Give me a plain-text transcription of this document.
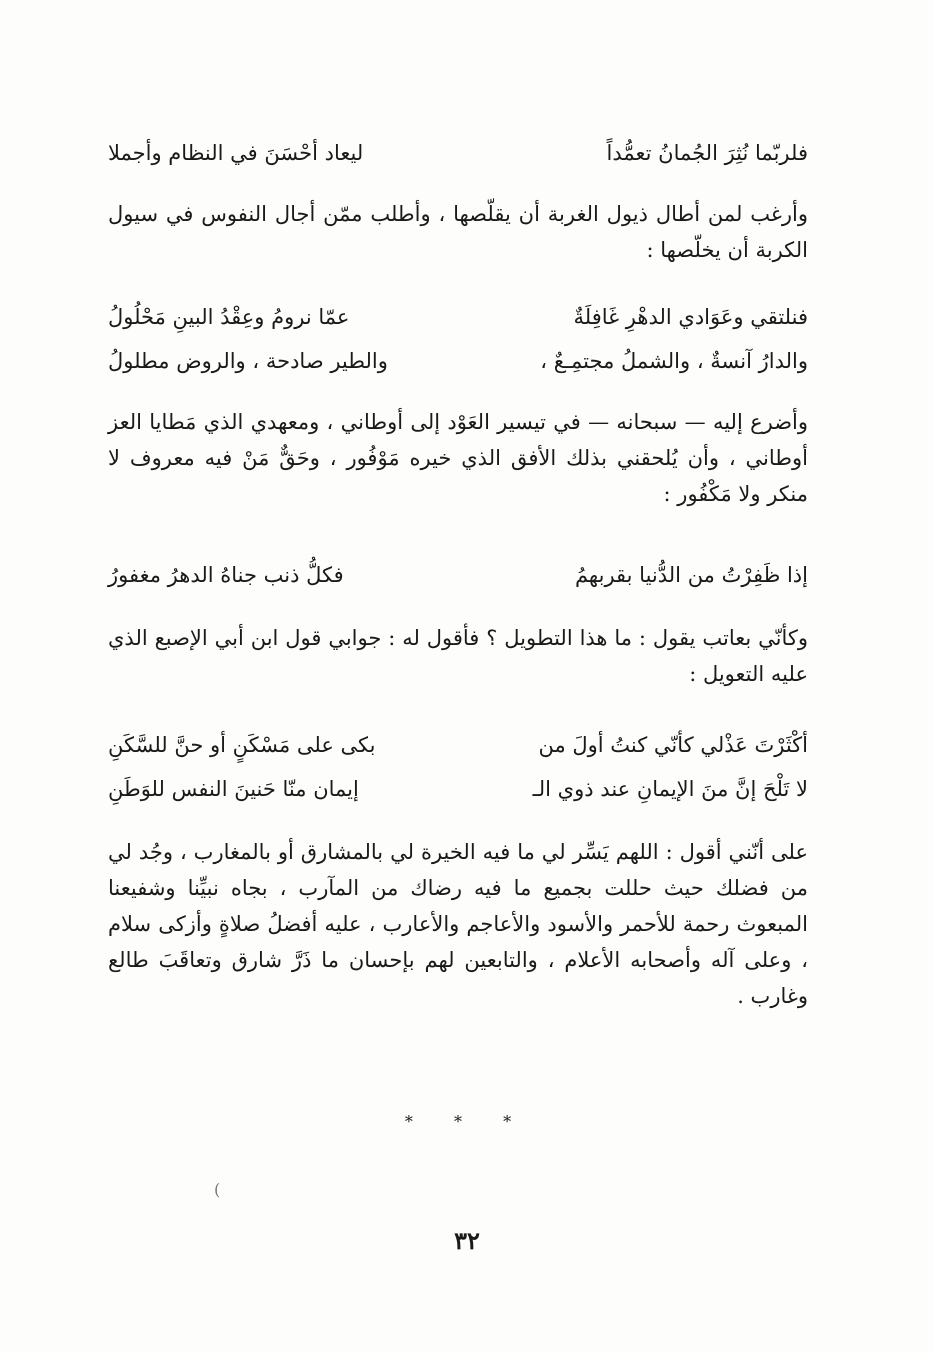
فلربّما نُثِرَ الجُمانُ تعمُّداً
ليعاد أحْسَنَ في النظام وأجملا

وأرغب لمن أطال ذيول الغربة أن يقلّصها ، وأطلب ممّن أجال النفوس في سيول الكربة أن يخلّصها :

فنلتقي وعَوَادي الدهْرِ غَافِلَةٌ
عمّا نرومُ وعِقْدُ البينِ مَحْلُولُ
والدارُ آنسةٌ ، والشملُ مجتمِـعٌ ،
والطير صادحة ، والروض مطلولُ

وأضرع إليه — سبحانه — في تيسير العَوْد إلى أوطاني ، ومعهدي الذي مَطايا العز أوطاني ، وأن يُلحقني بذلك الأفق الذي خيره مَوْفُور ، وحَقٌّ مَنْ فيه معروف لا منكر ولا مَكْفُور :

إذا ظَفِرْتُ من الدُّنيا بقربهمُ
فكلُّ ذنب جناهُ الدهرُ مغفورُ

وكأنّي بعاتب يقول : ما هذا التطويل ؟ فأقول له : جوابي قول ابن أبي الإصبع الذي عليه التعويل :

أكْثَرْتَ عَذْلي كأنّي كنتُ أولَ من
بكى على مَسْكَنٍ أو حنَّ للسَّكَنِ
لا تَلْحَ إنَّ منَ الإيمانِ عند ذوي الـ
إيمان منّا حَنينَ النفس للوَطَنِ

على أنّني أقول : اللهم يَسِّر لي ما فيه الخيرة لي بالمشارق أو بالمغارب ، وجُد لي من فضلك حيث حللت بجميع ما فيه رضاك من المآرب ، بجاه نبيِّنا وشفيعنا المبعوث رحمة للأحمر والأسود والأعاجم والأعارب ، عليه أفضلُ صلاةٍ وأزكى سلام ، وعلى آله وأصحابه الأعلام ، والتابعين لهم بإحسان ما ذَرَّ شارق وتعاقَبَ طالع وغارب .

* * *
(
٣٢
